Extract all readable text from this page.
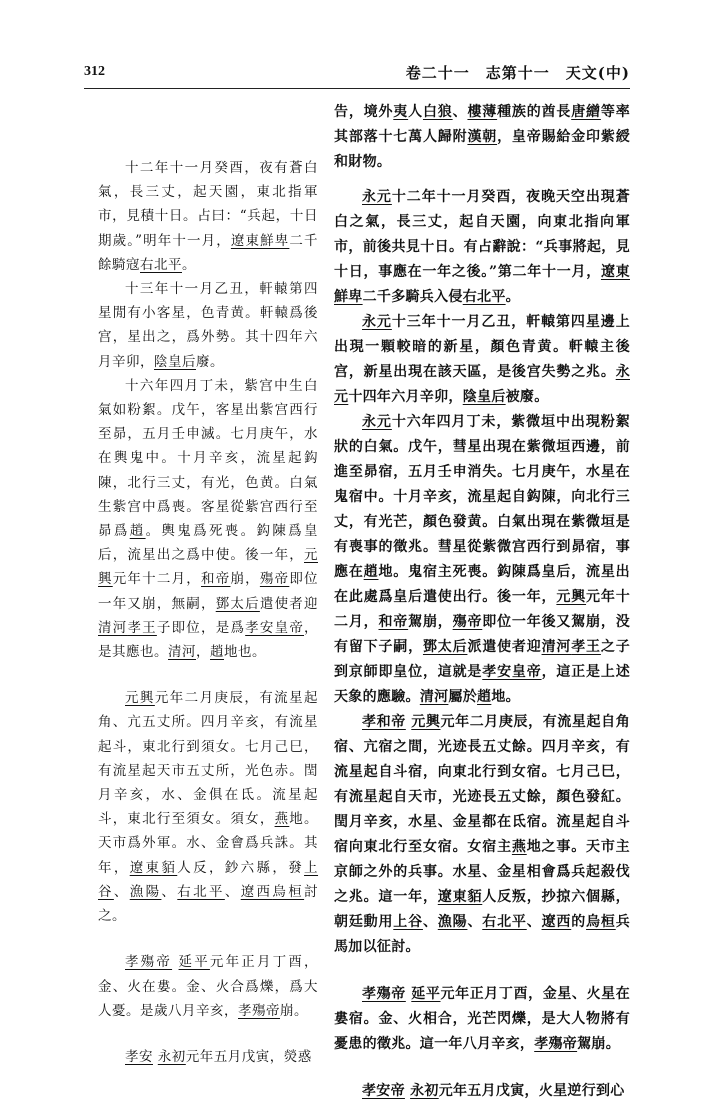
312	卷二十一　志第十一　天文(中)

十二年十一月癸酉，夜有蒼白氣，長三丈，起天園，東北指軍市，見積十日。占曰：“兵起，十日期歲。”明年十一月，遼東鮮卑二千餘騎寇右北平。

十三年十一月乙丑，軒轅第四星閒有小客星，色青黄。軒轅爲後宫，星出之，爲外勢。其十四年六月辛卯，陰皇后廢。

十六年四月丁未，紫宫中生白氣如粉絮。戊午，客星出紫宫西行至昴，五月壬申滅。七月庚午，水在輿鬼中。十月辛亥，流星起鈎陳，北行三丈，有光，色黄。白氣生紫宫中爲喪。客星從紫宫西行至昴爲趙。輿鬼爲死喪。鈎陳爲皇后，流星出之爲中使。後一年，元興元年十二月，和帝崩，殤帝即位一年又崩，無嗣，鄧太后遣使者迎清河孝王子即位，是爲孝安皇帝，是其應也。清河，趙地也。

元興元年二月庚辰，有流星起角、亢五丈所。四月辛亥，有流星起斗，東北行到須女。七月己巳，有流星起天市五丈所，光色赤。閏月辛亥，水、金俱在氐。流星起斗，東北行至須女。須女，燕地。天市爲外軍。水、金會爲兵誅。其年，遼東貊人反，鈔六縣，發上谷、漁陽、右北平、遼西烏桓討之。

孝殤帝 延平元年正月丁酉，金、火在婁。金、火合爲爍，爲大人憂。是歲八月辛亥，孝殤帝崩。

孝安 永初元年五月戊寅，熒惑

告，境外夷人白狼、樓薄種族的酋長唐繒等率其部落十七萬人歸附漢朝，皇帝賜給金印紫綬和財物。

永元十二年十一月癸酉，夜晚天空出現蒼白之氣，長三丈，起自天園，向東北指向軍市，前後共見十日。有占辭說：“兵事將起，見十日，事應在一年之後。”第二年十一月，遼東鮮卑二千多騎兵入侵右北平。

永元十三年十一月乙丑，軒轅第四星邊上出現一顆較暗的新星，顏色青黄。軒轅主後宫，新星出現在該天區，是後宫失勢之兆。永元十四年六月辛卯，陰皇后被廢。

永元十六年四月丁未，紫微垣中出現粉絮狀的白氣。戊午，彗星出現在紫微垣西邊，前進至昴宿，五月壬申消失。七月庚午，水星在鬼宿中。十月辛亥，流星起自鈎陳，向北行三丈，有光芒，顏色發黄。白氣出現在紫微垣是有喪事的徵兆。彗星從紫微宫西行到昴宿，事應在趙地。鬼宿主死喪。鈎陳爲皇后，流星出在此處爲皇后遣使出行。後一年，元興元年十二月，和帝駕崩，殤帝即位一年後又駕崩，没有留下子嗣，鄧太后派遣使者迎清河孝王之子到京師即皇位，這就是孝安皇帝，這正是上述天象的應驗。清河屬於趙地。

孝和帝 元興元年二月庚辰，有流星起自角宿、亢宿之間，光迹長五丈餘。四月辛亥，有流星起自斗宿，向東北行到女宿。七月己巳，有流星起自天市，光迹長五丈餘，顏色發紅。閏月辛亥，水星、金星都在氐宿。流星起自斗宿向東北行至女宿。女宿主燕地之事。天市主京師之外的兵事。水星、金星相會爲兵起殺伐之兆。這一年，遼東貊人反叛，抄掠六個縣，朝廷動用上谷、漁陽、右北平、遼西的烏桓兵馬加以征討。

孝殤帝 延平元年正月丁酉，金星、火星在婁宿。金、火相合，光芒閃爍，是大人物將有憂患的徵兆。這一年八月辛亥，孝殤帝駕崩。

孝安帝 永初元年五月戊寅，火星逆行到心
